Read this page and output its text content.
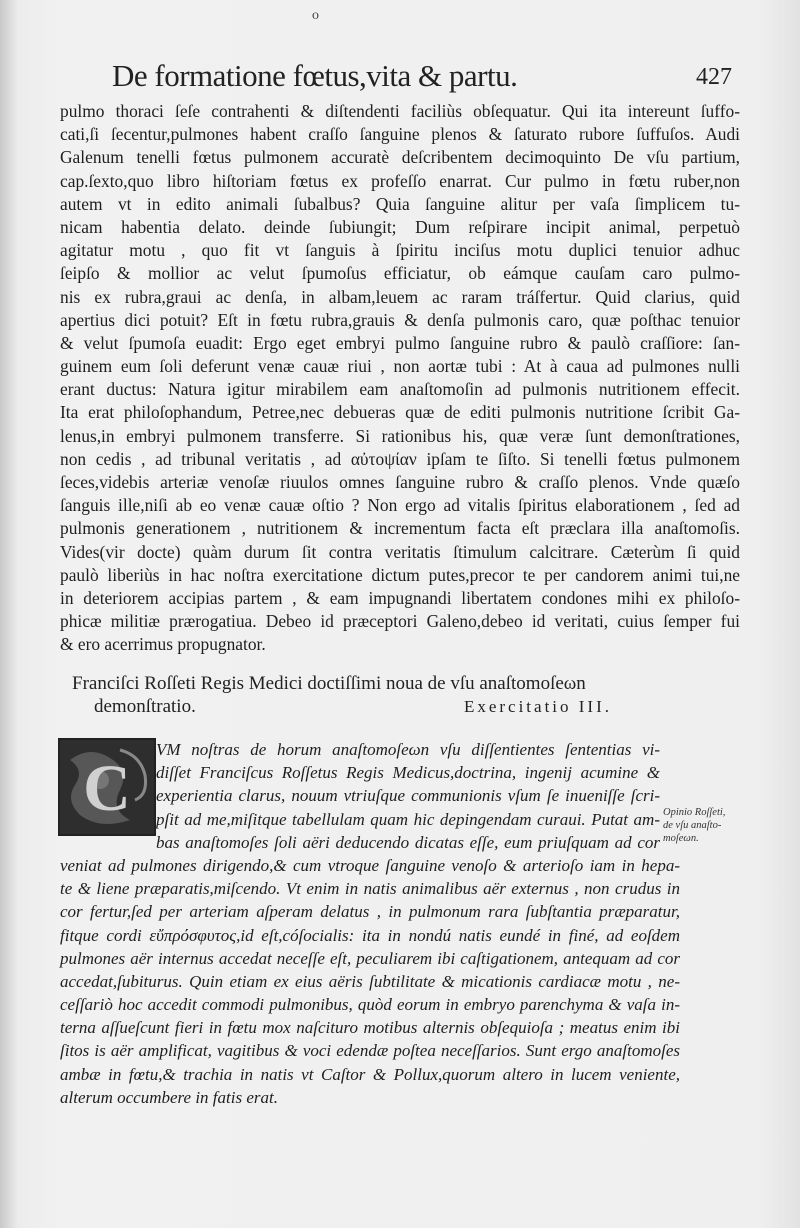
o
De formatione fœtus,vita & partu.	427
pulmo thoraci ſeſe contrahenti & diſtendenti faciliùs obſequatur. Qui ita intereunt ſuffo-
cati,ſi ſecentur,pulmones habent craſſo ſanguine plenos & ſaturato rubore ſuffuſos. Audi
Galenum tenelli fœtus pulmonem accuratè deſcribentem decimoquinto De vſu partium,
cap.ſexto,quo libro hiſtoriam fœtus ex profeſſo enarrat. Cur pulmo in fœtu ruber,non
autem vt in edito animali ſubalbus? Quia ſanguine alitur per vaſa ſimplicem tu-
nicam habentia delato. deinde ſubiungit; Dum reſpirare incipit animal, perpetuò
agitatur motu , quo fit vt ſanguis à ſpiritu inciſus motu duplici tenuior adhuc
ſeipſo & mollior ac velut ſpumoſus efficiatur, ob eámque cauſam caro pulmo-
nis ex rubra,graui ac denſa, in albam,leuem ac raram tráſfertur. Quid clarius, quid
apertius dici potuit? Eſt in fœtu rubra,grauis & denſa pulmonis caro, quæ poſthac tenuior
& velut ſpumoſa euadit: Ergo eget embryi pulmo ſanguine rubro & paulò craſſiore: ſan-
guinem eum ſoli deferunt venæ cauæ riui , non aortæ tubi : At à caua ad pulmones nulli
erant ductus: Natura igitur mirabilem eam anaſtomoſin ad pulmonis nutritionem effecit.
Ita erat philoſophandum, Petree,nec debueras quæ de editi pulmonis nutritione ſcribit Ga-
lenus,in embryi pulmonem transferre. Si rationibus his, quæ veræ ſunt demonſtrationes,
non cedis , ad tribunal veritatis , ad αὐτοψίαν ipſam te ſiſto. Si tenelli fœtus pulmonem
ſeces,videbis arteriæ venoſæ riuulos omnes ſanguine rubro & craſſo plenos. Vnde quæſo
ſanguis ille,niſi ab eo venæ cauæ oſtio ? Non ergo ad vitalis ſpiritus elaborationem , ſed ad
pulmonis generationem , nutritionem & incrementum facta eſt præclara illa anaſtomoſis.
Vides(vir docte) quàm durum ſit contra veritatis ſtimulum calcitrare. Cæterùm ſi quid
paulò liberiùs in hac noſtra exercitatione dictum putes,precor te per candorem animi tui,ne
in deteriorem accipias partem , & eam impugnandi libertatem condones mihi ex philoſo-
phicæ militiæ prærogatiua. Debeo id præceptori Galeno,debeo id veritati, cuius ſemper fui
& ero acerrimus propugnator.
Franciſci Roſſeti Regis Medici doctiſſimi noua de vſu anaſtomoſeωn
demonſtratio.	Exercitatio III.
VM noſtras de horum anaſtomoſeωn vſu diſſentientes ſententias vi-
diſſet Franciſcus Roſſetus Regis Medicus,doctrina, ingenij acumine &
experientia clarus, nouum vtriuſque communionis vſum ſe inueniſſe ſcri-
pſit ad me,miſitque tabellulam quam hic depingendam curaui. Putat am-
bas anaſtomoſes ſoli aëri deducendo dicatas eſſe, eum priuſquam ad cor
veniat ad pulmones dirigendo,& cum vtroque ſanguine venoſo & arterioſo iam in hepa-
te & liene præparatis,miſcendo. Vt enim in natis animalibus aër externus , non crudus in
cor fertur,ſed per arteriam aſperam delatus , in pulmonum rara ſubſtantia præparatur,
fitque cordi εὔπρόσφυτος,id eſt,cóſocialis: ita in nondú natis eundé in finé, ad eoſdem
pulmones aër internus accedat neceſſe eſt, peculiarem ibi caſtigationem, antequam ad cor
accedat,ſubiturus. Quin etiam ex eius aëris ſubtilitate & micationis cardiacæ motu , ne-
ceſſariò hoc accedit commodi pulmonibus, quòd eorum in embryo parenchyma & vaſa in-
terna aſſueſcunt fieri in fœtu mox naſcituro motibus alternis obſequioſa ; meatus enim ibi
ſitos is aër amplificat, vagitibus & voci edendæ poſtea neceſſarios. Sunt ergo anaſtomoſes
ambæ in fœtu,& trachia in natis vt Caſtor & Pollux,quorum altero in lucem veniente,
alterum occumbere in fatis erat.
C	Opinio Roſſeti,
de vſu anaſto-
moſeωn.
